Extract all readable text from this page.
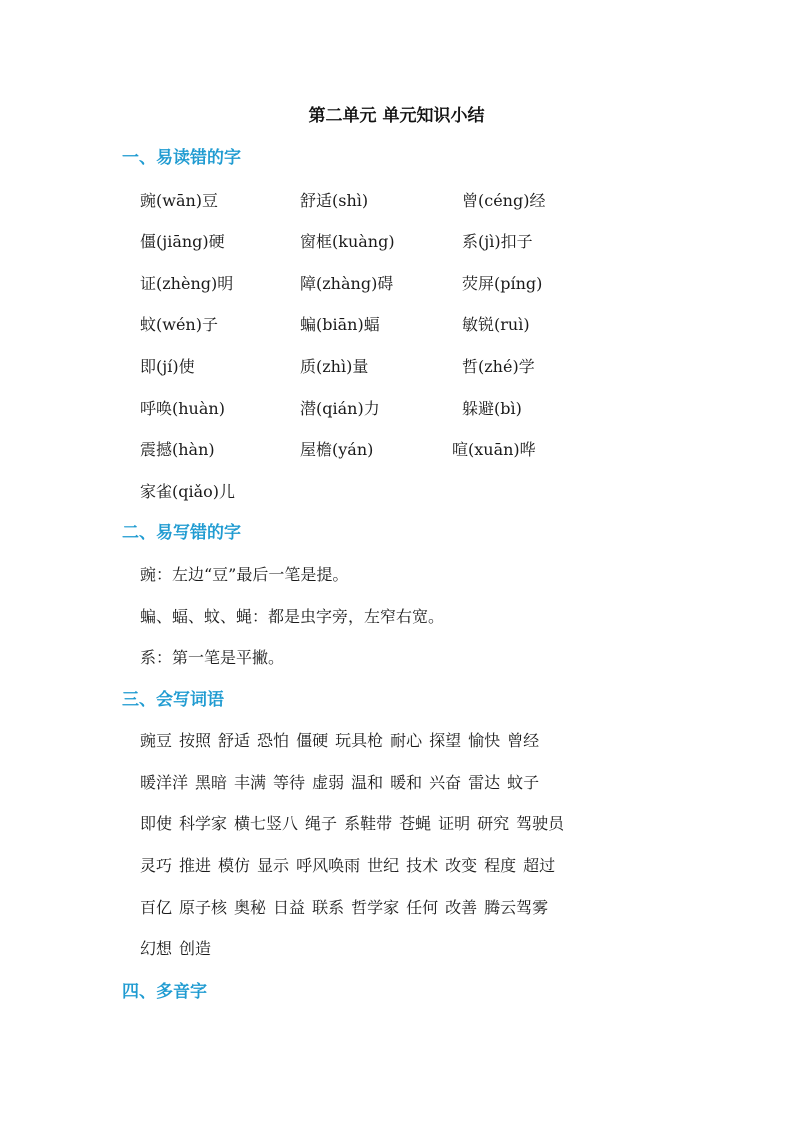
第二单元 单元知识小结
一、易读错的字
豌(wān)豆	舒适(shì)	曾(céng)经
僵(jiāng)硬	窗框(kuàng)	系(jì)扣子
证(zhèng)明	障(zhàng)碍	荧屏(píng)
蚊(wén)子	蝙(biān)蝠	敏锐(ruì)
即(jí)使	质(zhì)量	哲(zhé)学
呼唤(huàn)	潜(qián)力	躲避(bì)
震撼(hàn)	屋檐(yán)	喧(xuān)哗
家雀(qiǎo)儿
二、易写错的字
豌：左边“豆”最后一笔是提。
蝙、蝠、蚊、蝇：都是虫字旁，左窄右宽。
系：第一笔是平撇。
三、会写词语
豌豆 按照 舒适 恐怕 僵硬 玩具枪 耐心 探望 愉快 曾经
暖洋洋 黑暗 丰满 等待 虚弱 温和 暖和 兴奋 雷达 蚊子
即使 科学家 横七竖八 绳子 系鞋带 苍蝇 证明 研究 驾驶员
灵巧 推进 模仿 显示 呼风唤雨 世纪 技术 改变 程度 超过
百亿 原子核 奥秘 日益 联系 哲学家 任何 改善 腾云驾雾
幻想 创造
四、多音字
